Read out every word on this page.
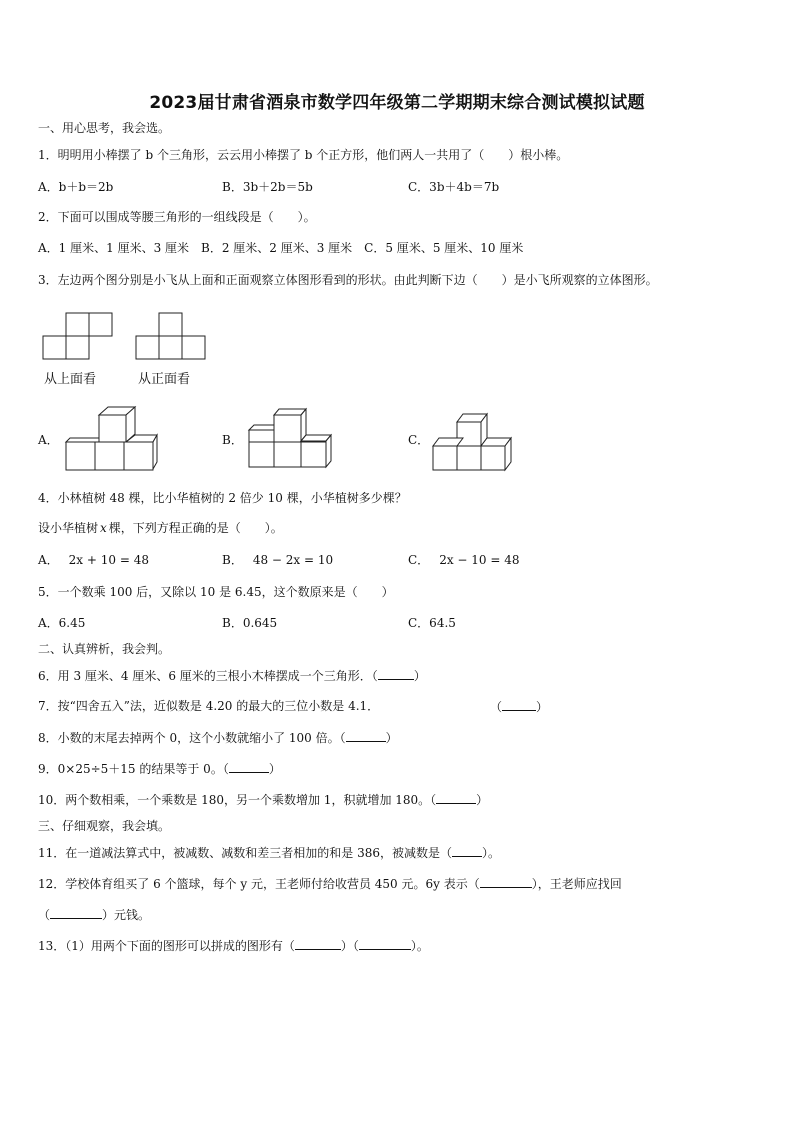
2023届甘肃省酒泉市数学四年级第二学期期末综合测试模拟试题
一、用心思考，我会选。
1．明明用小棒摆了 b 个三角形，云云用小棒摆了 b 个正方形，他们两人一共用了（　　）根小棒。
A．b＋b＝2b	B．3b＋2b＝5b	C．3b＋4b＝7b
2．下面可以围成等腰三角形的一组线段是（　　）。
A．1 厘米、1 厘米、3 厘米　B．2 厘米、2 厘米、3 厘米　C．5 厘米、5 厘米、10 厘米
3．左边两个图分别是小飞从上面和正面观察立体图形看到的形状。由此判断下边（　　）是小飞所观察的立体图形。
从上面看	从正面看
A．	B．	C．
4．小林植树 48 棵，比小华植树的 2 倍少 10 棵，小华植树多少棵？
设小华植树 x 棵，下列方程正确的是（　　）。
A． 2x + 10 = 48	B． 48 − 2x = 10	C． 2x − 10 = 48
5．一个数乘 100 后，又除以 10 是 6.45，这个数原来是（　　）
A．6.45	B．0.645	C．64.5
二、认真辨析，我会判。
6．用 3 厘米、4 厘米、6 厘米的三根小木棒摆成一个三角形．（	）
7．按“四舍五入”法，近似数是 4.20 的最大的三位小数是 4.1．	（	）
8．小数的末尾去掉两个 0，这个小数就缩小了 100 倍。（	）
9．0×25÷5＋15 的结果等于 0。（	）
10．两个数相乘，一个乘数是 180，另一个乘数增加 1，积就增加 180。（	）
三、仔细观察，我会填。
11．在一道减法算式中，被减数、减数和差三者相加的和是 386，被减数是（	）。
12．学校体育组买了 6 个篮球，每个 y 元，王老师付给收营员 450 元。6y 表示（	），王老师应找回
（	）元钱。
13．（1）用两个下面的图形可以拼成的图形有（	）（	）。
